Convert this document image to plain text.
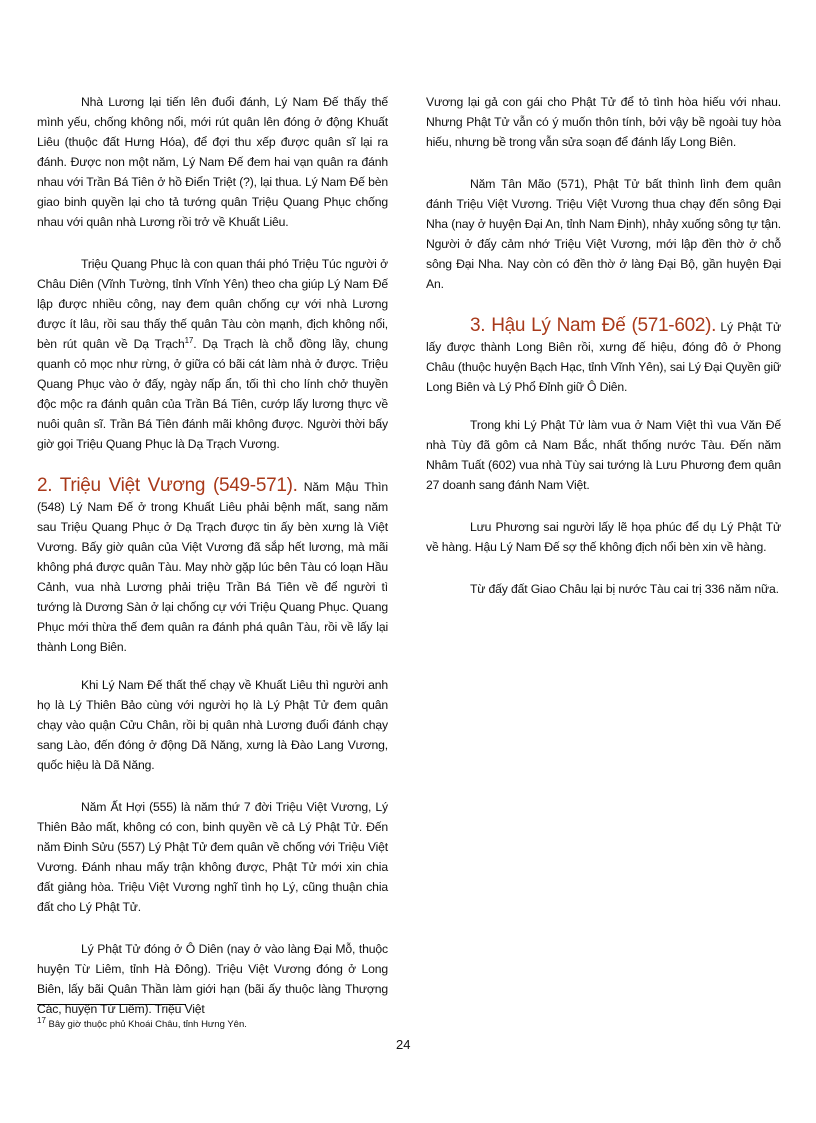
Nhà Lương lại tiến lên đuổi đánh, Lý Nam Đế thấy thế mình yếu, chống không nổi, mới rút quân lên đóng ở động Khuất Liêu (thuộc đất Hưng Hóa), để đợi thu xếp được quân sĩ lại ra đánh. Được non một năm, Lý Nam Đế đem hai vạn quân ra đánh nhau với Trần Bá Tiên ở hồ Điển Triệt (?), lại thua. Lý Nam Đế bèn giao binh quyền lại cho tả tướng quân Triệu Quang Phục chống nhau với quân nhà Lương rồi trở về Khuất Liêu.

Triệu Quang Phục là con quan thái phó Triệu Túc người ở Châu Diên (Vĩnh Tường, tỉnh Vĩnh Yên) theo cha giúp Lý Nam Đế lập được nhiều công, nay đem quân chống cự với nhà Lương được ít lâu, rồi sau thấy thế quân Tàu còn mạnh, địch không nổi, bèn rút quân về Dạ Trạch$^{17}$. Dạ Trạch là chỗ đồng lầy, chung quanh cỏ mọc như rừng, ở giữa có bãi cát làm nhà ở được. Triệu Quang Phục vào ở đấy, ngày nấp ẩn, tối thì cho lính chở thuyền độc mộc ra đánh quân của Trần Bá Tiên, cướp lấy lương thực về nuôi quân sĩ. Trần Bá Tiên đánh mãi không được. Người thời bấy giờ gọi Triệu Quang Phục là Dạ Trạch Vương.

2. Triệu Việt Vương (549-571). Năm Mậu Thìn (548) Lý Nam Đế ở trong Khuất Liêu phải bệnh mất, sang năm sau Triệu Quang Phục ở Dạ Trạch được tin ấy bèn xưng là Việt Vương. Bấy giờ quân của Việt Vương đã sắp hết lương, mà mãi không phá được quân Tàu. May nhờ gặp lúc bên Tàu có loạn Hầu Cảnh, vua nhà Lương phải triệu Trần Bá Tiên về để người tì tướng là Dương Sàn ở lại chống cự với Triệu Quang Phục. Quang Phục mới thừa thế đem quân ra đánh phá quân Tàu, rồi về lấy lại thành Long Biên.

Khi Lý Nam Đế thất thế chạy về Khuất Liêu thì người anh họ là Lý Thiên Bảo cùng với người họ là Lý Phật Tử đem quân chạy vào quận Cửu Chân, rồi bị quân nhà Lương đuổi đánh chạy sang Lào, đến đóng ở động Dã Năng, xưng là Đào Lang Vương, quốc hiệu là Dã Năng.

Năm Ất Hợi (555) là năm thứ 7 đời Triệu Việt Vương, Lý Thiên Bảo mất, không có con, binh quyền về cả Lý Phật Tử. Đến năm Đinh Sửu (557) Lý Phật Tử đem quân về chống với Triệu Việt Vương. Đánh nhau mấy trận không được, Phật Tử mới xin chia đất giảng hòa. Triệu Việt Vương nghĩ tình họ Lý, cũng thuận chia đất cho Lý Phật Tử.

Lý Phật Tử đóng ở Ô Diên (nay ở vào làng Đại Mỗ, thuộc huyện Từ Liêm, tỉnh Hà Đông). Triệu Việt Vương đóng ở Long Biên, lấy bãi Quân Thần làm giới hạn (bãi ấy thuộc làng Thượng Các, huyện Từ Liêm). Triệu Việt

Vương lại gả con gái cho Phật Tử để tỏ tình hòa hiếu với nhau. Nhưng Phật Tử vẫn có ý muốn thôn tính, bởi vậy bề ngoài tuy hòa hiếu, nhưng bề trong vẫn sửa soạn để đánh lấy Long Biên.

Năm Tân Mão (571), Phật Tử bất thình lình đem quân đánh Triệu Việt Vương. Triệu Việt Vương thua chạy đến sông Đại Nha (nay ở huyện Đại An, tỉnh Nam Định), nhảy xuống sông tự tận. Người ở đấy cảm nhớ Triệu Việt Vương, mới lập đền thờ ở chỗ sông Đại Nha. Nay còn có đền thờ ở làng Đại Bộ, gần huyện Đại An.

3. Hậu Lý Nam Đế (571-602). Lý Phật Tử lấy được thành Long Biên rồi, xưng đế hiệu, đóng đô ở Phong Châu (thuộc huyện Bạch Hạc, tỉnh Vĩnh Yên), sai Lý Đại Quyền giữ Long Biên và Lý Phổ Đỉnh giữ Ô Diên.

Trong khi Lý Phật Tử làm vua ở Nam Việt thì vua Văn Đế nhà Tùy đã gôm cả Nam Bắc, nhất thống nước Tàu. Đến năm Nhâm Tuất (602) vua nhà Tùy sai tướng là Lưu Phương đem quân 27 doanh sang đánh Nam Việt.

Lưu Phương sai người lấy lẽ họa phúc để dụ Lý Phật Tử về hàng. Hậu Lý Nam Đế sợ thế không địch nổi bèn xin về hàng.

Từ đấy đất Giao Châu lại bị nước Tàu cai trị 336 năm nữa.

$^{17}$ Bây giờ thuộc phủ Khoái Châu, tỉnh Hưng Yên.
24
